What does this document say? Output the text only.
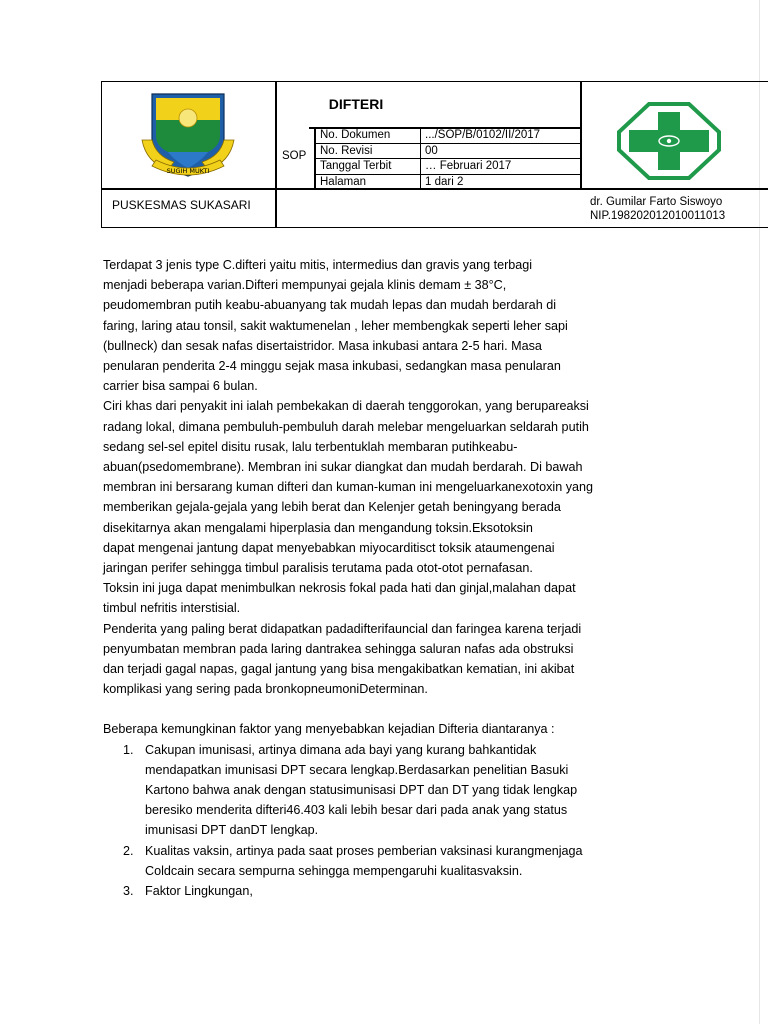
SUGIH MUKTI
PUSKESMAS SUKASARI
DIFTERI
SOP
No. Dokumen	.../SOP/B/0102/II/2017
No. Revisi	00
Tanggal Terbit	… Februari 2017
Halaman	1 dari 2
dr. Gumilar Farto Siswoyo
NIP.198202012010011013

Terdapat 3 jenis type C.difteri yaitu mitis, intermedius dan gravis yang terbagi

menjadi beberapa varian.Difteri mempunyai gejala klinis demam ± 38°C,

peudomembran putih keabu-abuanyang tak mudah lepas dan mudah berdarah di

faring, laring atau tonsil, sakit waktumenelan , leher membengkak seperti leher sapi

(bullneck) dan sesak nafas disertaistridor. Masa inkubasi antara 2-5 hari. Masa

penularan penderita 2-4 minggu sejak masa inkubasi, sedangkan masa penularan

carrier bisa sampai 6 bulan.

Ciri khas dari penyakit ini ialah pembekakan di daerah tenggorokan, yang berupareaksi

radang lokal, dimana pembuluh-pembuluh darah melebar mengeluarkan seldarah putih

sedang sel-sel epitel disitu rusak, lalu terbentuklah membaran putihkeabu-

abuan(psedomembrane). Membran ini sukar diangkat dan mudah berdarah. Di bawah

membran ini bersarang kuman difteri dan kuman-kuman ini mengeluarkanexotoxin yang

memberikan gejala-gejala yang lebih berat dan Kelenjer getah beningyang berada

disekitarnya akan mengalami hiperplasia dan mengandung toksin.Eksotoksin

dapat mengenai jantung dapat menyebabkan miyocarditisct toksik ataumengenai

jaringan perifer sehingga timbul paralisis terutama pada otot-otot pernafasan.

Toksin ini juga dapat menimbulkan nekrosis fokal pada hati dan ginjal,malahan dapat

timbul nefritis interstisial.

Penderita yang paling berat didapatkan padadifterifauncial dan faringea karena terjadi

penyumbatan membran pada laring dantrakea sehingga saluran nafas ada obstruksi

dan terjadi gagal napas, gagal jantung yang bisa mengakibatkan kematian, ini akibat

komplikasi yang sering pada bronkopneumoniDeterminan.

Beberapa kemungkinan faktor yang menyebabkan kejadian Difteria diantaranya :

1. Cakupan imunisasi, artinya dimana ada bayi yang kurang bahkantidak
mendapatkan imunisasi DPT secara lengkap.Berdasarkan penelitian Basuki
Kartono bahwa anak dengan statusimunisasi DPT dan DT yang tidak lengkap
beresiko menderita difteri46.403 kali lebih besar dari pada anak yang status
imunisasi DPT danDT lengkap.
2. Kualitas vaksin, artinya pada saat proses pemberian vaksinasi kurangmenjaga
Coldcain secara sempurna sehingga mempengaruhi kualitasvaksin.
3. Faktor Lingkungan,
